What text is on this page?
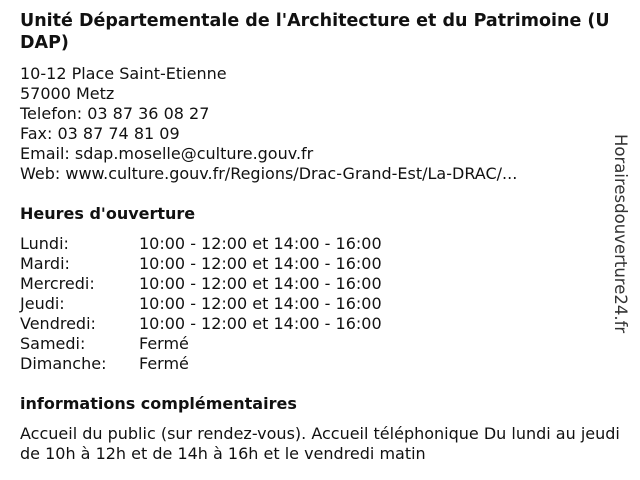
Unité Départementale de l'Architecture et du Patrimoine (UDAP)
10-12 Place Saint-Etienne
57000 Metz
Telefon: 03 87 36 08 27
Fax: 03 87 74 81 09
Email: sdap.moselle@culture.gouv.fr
Web: www.culture.gouv.fr/Regions/Drac-Grand-Est/La-DRAC/...
Heures d'ouverture
Lundi:	10:00 - 12:00 et 14:00 - 16:00
Mardi:	10:00 - 12:00 et 14:00 - 16:00
Mercredi:	10:00 - 12:00 et 14:00 - 16:00
Jeudi:	10:00 - 12:00 et 14:00 - 16:00
Vendredi:	10:00 - 12:00 et 14:00 - 16:00
Samedi:	Fermé
Dimanche:	Fermé
informations complémentaires
Accueil du public (sur rendez-vous). Accueil téléphonique Du lundi au jeudi de 10h à 12h et de 14h à 16h et le vendredi matin
Horairesdouverture24.fr
